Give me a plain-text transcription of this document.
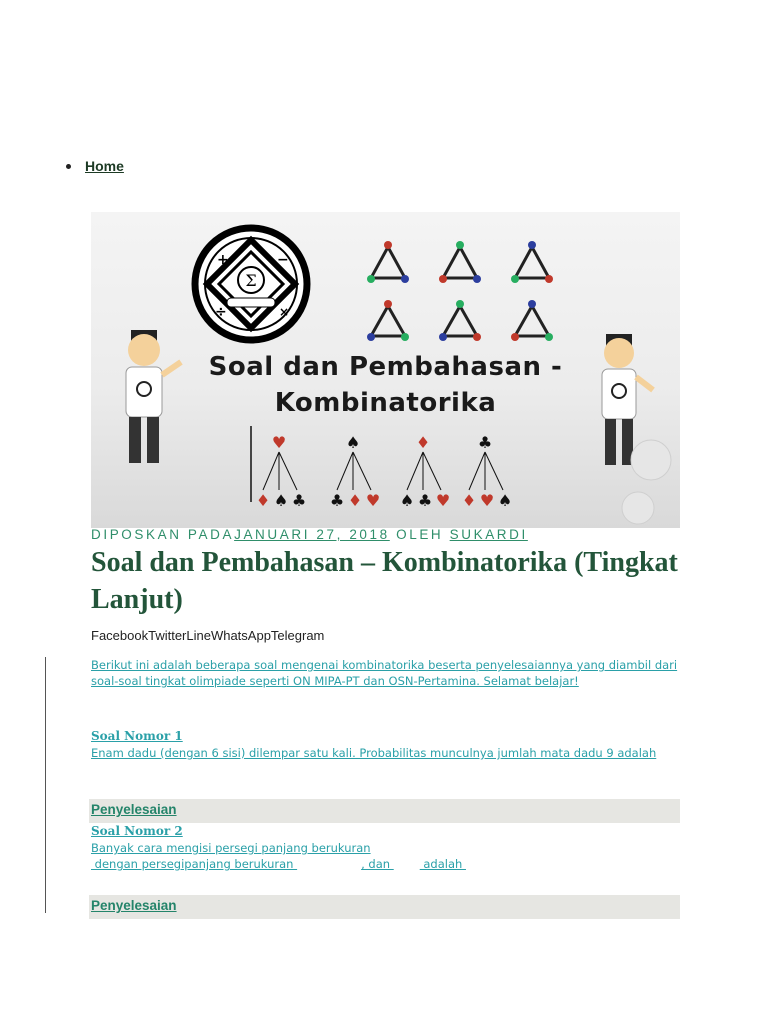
Home
Σ
+	−
÷	×
♥
♦ ♠ ♣
♠
♣ ♦ ♥
♦
♠ ♣ ♥
♣
♦ ♥ ♠
Soal dan Pembahasan -
Kombinatorika
DIPOSKAN PADAJANUARI 27, 2018 OLEH SUKARDI
Soal dan Pembahasan – Kombinatorika (Tingkat Lanjut)
FacebookTwitterLineWhatsAppTelegram

Berikut ini adalah beberapa soal mengenai kombinatorika beserta penyelesaiannya yang diambil dari soal-soal tingkat olimpiade seperti ON MIPA-PT dan OSN-Pertamina. Selamat belajar!

Soal Nomor 1

Enam dadu (dengan 6 sisi) dilempar satu kali. Probabilitas munculnya jumlah mata dadu 9 adalah

Penyelesaian
Soal Nomor 2

Banyak cara mengisi persegi panjang berukuran

dengan persegipanjang berukuran	, dan  adalah
Penyelesaian
